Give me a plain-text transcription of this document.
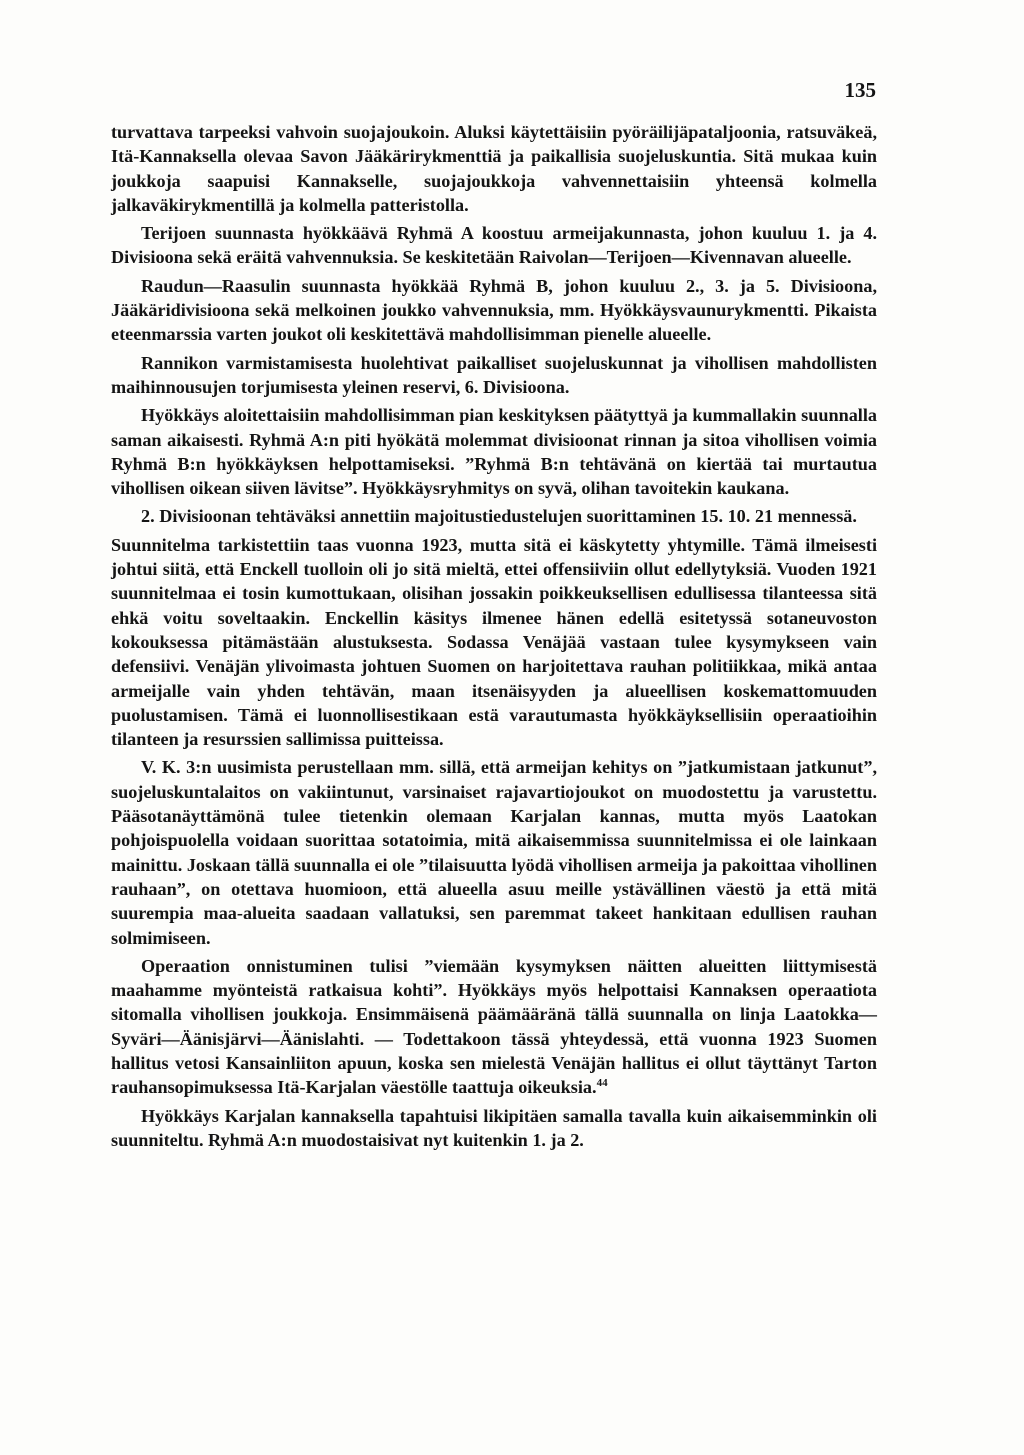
135

turvattava tarpeeksi vahvoin suojajoukoin. Aluksi käytettäisiin pyöräilijäpataljoonia, ratsuväkeä, Itä-Kannaksella olevaa Savon Jääkärirykmenttiä ja paikallisia suojeluskuntia. Sitä mukaa kuin joukkoja saapuisi Kannakselle, suojajoukkoja vahvennettaisiin yhteensä kolmella jalkaväkirykmentillä ja kolmella patteristolla.

Terijoen suunnasta hyökkäävä Ryhmä A koostuu armeijakunnasta, johon kuuluu 1. ja 4. Divisioona sekä eräitä vahvennuksia. Se keskitetään Raivolan—Terijoen—Kivennavan alueelle.

Raudun—Raasulin suunnasta hyökkää Ryhmä B, johon kuuluu 2., 3. ja 5. Divisioona, Jääkäridivisioona sekä melkoinen joukko vahvennuksia, mm. Hyökkäysvaunurykmentti. Pikaista eteenmarssia varten joukot oli keskitettävä mahdollisimman pienelle alueelle.

Rannikon varmistamisesta huolehtivat paikalliset suojeluskunnat ja vihollisen mahdollisten maihinnousujen torjumisesta yleinen reservi, 6. Divisioona.

Hyökkäys aloitettaisiin mahdollisimman pian keskityksen päätyttyä ja kummallakin suunnalla saman aikaisesti. Ryhmä A:n piti hyökätä molemmat divisioonat rinnan ja sitoa vihollisen voimia Ryhmä B:n hyökkäyksen helpottamiseksi. ”Ryhmä B:n tehtävänä on kiertää tai murtautua vihollisen oikean siiven lävitse”. Hyökkäysryhmitys on syvä, olihan tavoitekin kaukana.

2. Divisioonan tehtäväksi annettiin majoitustiedustelujen suorittaminen 15. 10. 21 mennessä.

Suunnitelma tarkistettiin taas vuonna 1923, mutta sitä ei käskytetty yhtymille. Tämä ilmeisesti johtui siitä, että Enckell tuolloin oli jo sitä mieltä, ettei offensiiviin ollut edellytyksiä. Vuoden 1921 suunnitelmaa ei tosin kumottukaan, olisihan jossakin poikkeuksellisen edullisessa tilanteessa sitä ehkä voitu soveltaakin. Enckellin käsitys ilmenee hänen edellä esitetyssä sotaneuvoston kokouksessa pitämästään alustuksesta. Sodassa Venäjää vastaan tulee kysymykseen vain defensiivi. Venäjän ylivoimasta johtuen Suomen on harjoitettava rauhan politiikkaa, mikä antaa armeijalle vain yhden tehtävän, maan itsenäisyyden ja alueellisen koskemattomuuden puolustamisen. Tämä ei luonnollisestikaan estä varautumasta hyökkäyksellisiin operaatioihin tilanteen ja resurssien sallimissa puitteissa.

V. K. 3:n uusimista perustellaan mm. sillä, että armeijan kehitys on ”jatkumistaan jatkunut”, suojeluskuntalaitos on vakiintunut, varsinaiset rajavartiojoukot on muodostettu ja varustettu. Pääsotanäyttämönä tulee tietenkin olemaan Karjalan kannas, mutta myös Laatokan pohjoispuolella voidaan suorittaa sotatoimia, mitä aikaisemmissa suunnitelmissa ei ole lainkaan mainittu. Joskaan tällä suunnalla ei ole ”tilaisuutta lyödä vihollisen armeija ja pakoittaa vihollinen rauhaan”, on otettava huomioon, että alueella asuu meille ystävällinen väestö ja että mitä suurempia maa-alueita saadaan vallatuksi, sen paremmat takeet hankitaan edullisen rauhan solmimiseen.

Operaation onnistuminen tulisi ”viemään kysymyksen näitten alueitten liittymisestä maahamme myönteistä ratkaisua kohti”. Hyökkäys myös helpottaisi Kannaksen operaatiota sitomalla vihollisen joukkoja. Ensimmäisenä päämääränä tällä suunnalla on linja Laatokka—Syväri—Äänisjärvi—Äänislahti. — Todettakoon tässä yhteydessä, että vuonna 1923 Suomen hallitus vetosi Kansainliiton apuun, koska sen mielestä Venäjän hallitus ei ollut täyttänyt Tarton rauhansopimuksessa Itä-Karjalan väestölle taattuja oikeuksia.$^{44}$

Hyökkäys Karjalan kannaksella tapahtuisi likipitäen samalla tavalla kuin aikaisemminkin oli suunniteltu. Ryhmä A:n muodostaisivat nyt kuitenkin 1. ja 2.
